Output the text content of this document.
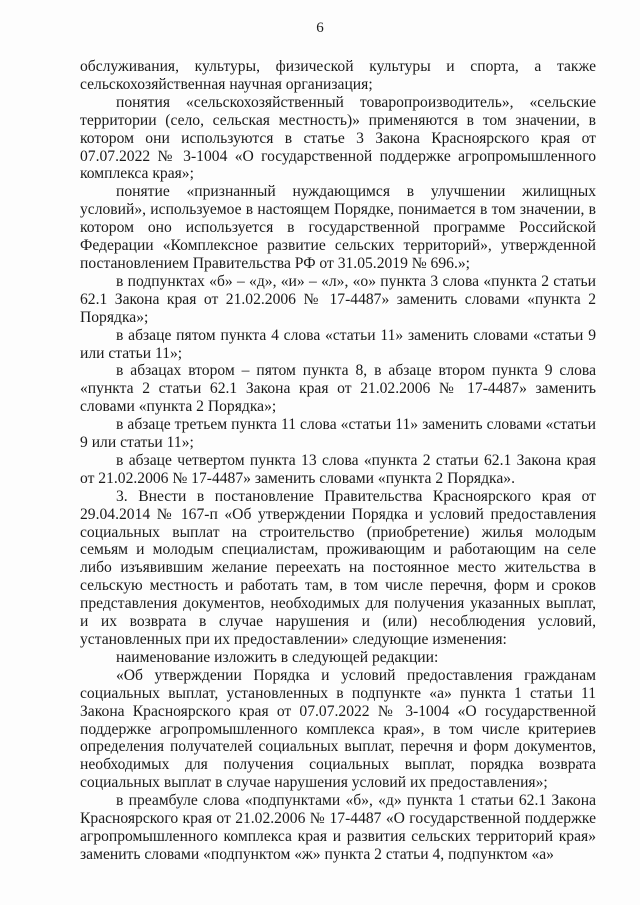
6

обслуживания, культуры, физической культуры и спорта, а также сельскохозяйственная научная организация;

понятия «сельскохозяйственный товаропроизводитель», «сельские территории (село, сельская местность)» применяются в том значении, в котором они используются в статье 3 Закона Красноярского края от 07.07.2022 № 3-1004 «О государственной поддержке агропромышленного комплекса края»;

понятие «признанный нуждающимся в улучшении жилищных условий», используемое в настоящем Порядке, понимается в том значении, в котором оно используется в государственной программе Российской Федерации «Комплексное развитие сельских территорий», утвержденной постановлением Правительства РФ от 31.05.2019 № 696.»;

в подпунктах «б» – «д», «и» – «л», «о» пункта 3 слова «пункта 2 статьи 62.1 Закона края от 21.02.2006 № 17-4487» заменить словами «пункта 2 Порядка»;

в абзаце пятом пункта 4 слова «статьи 11» заменить словами «статьи 9 или статьи 11»;

в абзацах втором – пятом пункта 8, в абзаце втором пункта 9 слова «пункта 2 статьи 62.1 Закона края от 21.02.2006 № 17-4487» заменить словами «пункта 2 Порядка»;

в абзаце третьем пункта 11 слова «статьи 11» заменить словами «статьи 9 или статьи 11»;

в абзаце четвертом пункта 13 слова «пункта 2 статьи 62.1 Закона края от 21.02.2006 № 17-4487» заменить словами «пункта 2 Порядка».

3. Внести в постановление Правительства Красноярского края от 29.04.2014 № 167-п «Об утверждении Порядка и условий предоставления социальных выплат на строительство (приобретение) жилья молодым семьям и молодым специалистам, проживающим и работающим на селе либо изъявившим желание переехать на постоянное место жительства в сельскую местность и работать там, в том числе перечня, форм и сроков представления документов, необходимых для получения указанных выплат, и их возврата в случае нарушения и (или) несоблюдения условий, установленных при их предоставлении» следующие изменения:

наименование изложить в следующей редакции:

«Об утверждении Порядка и условий предоставления гражданам социальных выплат, установленных в подпункте «а» пункта 1 статьи 11 Закона Красноярского края от 07.07.2022 № 3-1004 «О государственной поддержке агропромышленного комплекса края», в том числе критериев определения получателей социальных выплат, перечня и форм документов, необходимых для получения социальных выплат, порядка возврата социальных выплат в случае нарушения условий их предоставления»;

в преамбуле слова «подпунктами «б», «д» пункта 1 статьи 62.1 Закона Красноярского края от 21.02.2006 № 17-4487 «О государственной поддержке агропромышленного комплекса края и развития сельских территорий края» заменить словами «подпунктом «ж» пункта 2 статьи 4, подпунктом «а»
